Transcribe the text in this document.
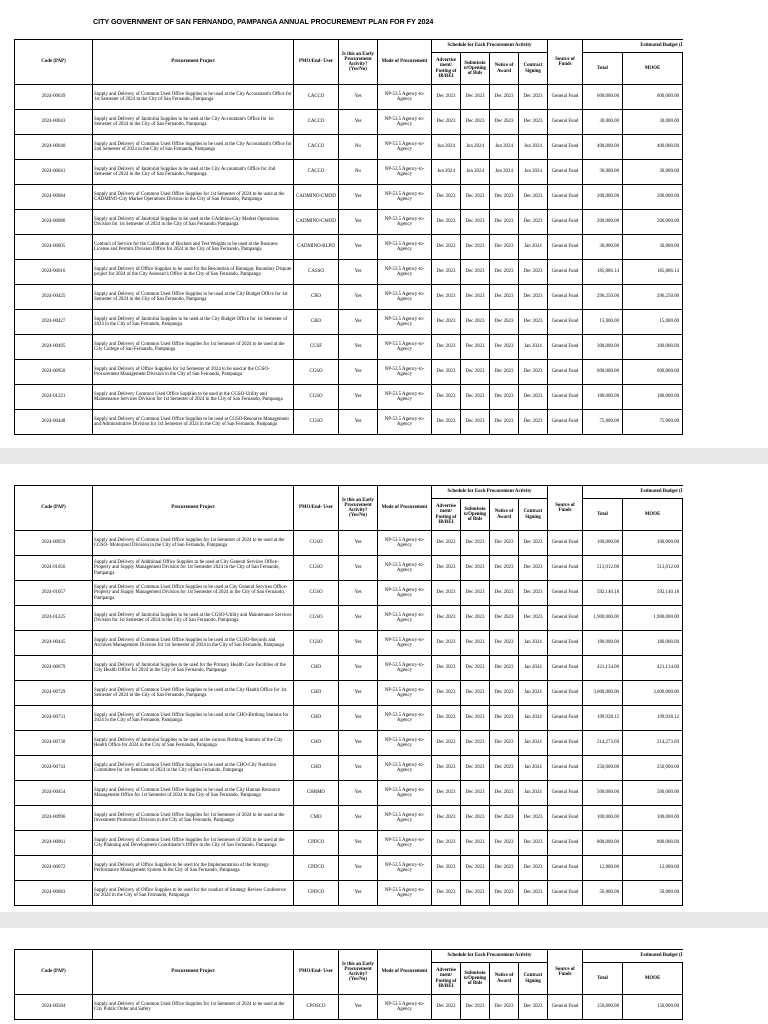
CITY GOVERNMENT OF SAN FERNANDO, PAMPANGA ANNUAL PROCUREMENT PLAN FOR FY 2024
Code (PAP)	Procurement Project	PMO/End- User	Is this an Early Procurement Activity? (Yes/No)	Mode of Procurement	Schedule for Each Procurement Activity				Source of Funds	Estimated Budget (I	
					Advertise ment/ Posting of IB/REI	Submissio n/Opening of Bids	Notice of Award	Contract Signing		Total	MOOE
2024-00039	Supply and Delivery of Common Used Office Supplies to be used at the City Accountant's Office for 1st Semester of 2024 in the City of San Fernando, Pampanga	CACCO	Yes	NP-53.5 Agency-to-Agency	Dec 2023	Dec 2023	Dec 2023	Dec 2023	General Fund	600,000.00	600,000.00
2024-00043	Supply and Delivery of Janitorial Supplies to be used at the City Accountant's Office for 1st Semester of 2024 in the City of San Fernando, Pampanga	CACCO	Yes	NP-53.5 Agency-to-Agency	Dec 2023	Dec 2023	Dec 2023	Dec 2023	General Fund	30,000.00	30,000.00
2024-00040	Supply and Delivery of Common Used Office Supplies to be used at the City Accountant's Office for 2nd Semester of 2024 in the City of San Fernando, Pampanga	CACCO	No	NP-53.5 Agency-to-Agency	Jun 2024	Jun 2024	Jun 2024	Jun 2024	General Fund	400,000.00	400,000.00
2024-00041	Supply and Delivery of Janitorial Supplies to be used at the City Accountant's Office for 2nd Semester of 2024 in the City of San Fernando, Pampanga	CACCO	No	NP-53.5 Agency-to-Agency	Jun 2024	Jun 2024	Jun 2024	Jun 2024	General Fund	30,000.00	30,000.00
2024-00084	Supply and Delivery of Common Used Office Supplies for 1st Semester of 2024 to be used at the CADMINO-City Market Operations Division in the City of San Fernando, Pampanga	CADMINO-CMOD	Yes	NP-53.5 Agency-to-Agency	Dec 2023	Dec 2023	Dec 2023	Dec 2023	General Fund	200,000.00	200,000.00
2024-00086	Supply and Delivery of Janitorial Supplies to be used at the CAdmino-City Market Operations Division for 1st Semester of 2024 in the City of San Fernando, Pampanga	CADMINO-CMOD	Yes	NP-53.5 Agency-to-Agency	Dec 2023	Dec 2023	Dec 2023	Dec 2023	General Fund	200,000.00	200,000.00
2024-00605	Contract of Service for the Calibration of Buckets and Test Weights to be used at the Business License and Permits Division Office for 2024 in the City of San Fernando, Pampanga	CADMINO-BLPD	Yes	NP-53.5 Agency-to-Agency	Dec 2023	Dec 2023	Dec 2023	Jan 2024	General Fund	30,000.00	30,000.00
2024-00016	Supply and Delivery of Office Supplies to be used for the Resolution of Barangay Boundary Dispute project for 2024 of the City Assessor's Office in the City of San Fernando, Pampanga	CASSO	Yes	NP-53.5 Agency-to-Agency	Dec 2023	Dec 2023	Dec 2023	Dec 2023	General Fund	185,886.14	185,886.14
2024-00425	Supply and Delivery of Common Used Office Supplies to be used at the City Budget Office for 1st Semester of 2024 in the City of San Fernando, Pampanga	CBO	Yes	NP-53.5 Agency-to-Agency	Dec 2023	Dec 2023	Dec 2023	Dec 2023	General Fund	296,250.00	296,250.00
2024-00427	Supply and Delivery of Janitorial Supplies to be used at the City Budget Office for 1st Semester of 2024 in the City of San Fernando, Pampanga	CBO	Yes	NP-53.5 Agency-to-Agency	Dec 2023	Dec 2023	Dec 2023	Dec 2023	General Fund	15,000.00	15,000.00
2024-00495	Supply and Delivery of Common Used Office Supplies for 1st Semester of 2024 to be used at the City College of San Fernando, Pampanga	CCSF	Yes	NP-53.5 Agency-to-Agency	Dec 2023	Dec 2023	Dec 2023	Jan 2024	General Fund	300,000.00	300,000.00
2024-00950	Supply and Delivery of Office Supplies for 1st Semester of 2024 to be used at the CGSO-Procurement Management Division in the City of San Fernando, Pampanga	CGSO	Yes	NP-53.5 Agency-to-Agency	Dec 2023	Dec 2023	Dec 2023	Dec 2023	General Fund	600,000.00	600,000.00
2024-01221	Supply and Delivery Common Used Office Supplies to be used at the CGSO-Utility and Maintenance Services Division for 1st Semester of 2024 in the City of San Fernando, Pampanga	CGSO	Yes	NP-53.5 Agency-to-Agency	Dec 2023	Dec 2023	Dec 2023	Dec 2023	General Fund	180,000.00	180,000.00
2024-00448	Supply and Delivery of Common Used Office Supplies to be used at CGSO-Resource Management and Administrative Division for 1st Semester of 2024 in the City of San Fernando, Pampanga	CGSO	Yes	NP-53.5 Agency-to-Agency	Dec 2023	Dec 2023	Dec 2023	Dec 2023	General Fund	75,000.00	75,000.00
Code (PAP)	Procurement Project	PMO/End- User	Is this an Early Procurement Activity? (Yes/No)	Mode of Procurement	Schedule for Each Procurement Activity				Source of Funds	Estimated Budget (I	
					Advertise ment/ Posting of IB/REI	Submissio n/Opening of Bids	Notice of Award	Contract Signing		Total	MOOE
2024-00959	Supply and Delivery of Common Used Office Supplies for 1st Semester of 2024 to be used at the CGSO- Motorpool Division in the City of San Fernando, Pampanga	CGSO	Yes	NP-53.5 Agency-to-Agency	Dec 2023	Dec 2023	Dec 2023	Dec 2023	General Fund	100,000.00	100,000.00
2024-01056	Supply and Delivery of Additional Office Supplies to be used at City General Services Office-Property and Supply Management Division for 1st Semester 2024 in the City of San Fernando, Pampanga	CGSO	Yes	NP-53.5 Agency-to-Agency	Dec 2023	Dec 2023	Dec 2023	Dec 2023	General Fund	513,012.00	513,012.00
2024-01057	Supply and Delivery of Common Used Office Supplies to be used at City General Services Office-Property and Supply Management Division for 1st Semester of 2024 in the City of San Fernando, Pampanga	CGSO	Yes	NP-53.5 Agency-to-Agency	Dec 2023	Dec 2023	Dec 2023	Dec 2023	General Fund	592,140.18	592,140.18
2024-01225	Supply and Delivery of Janitorial Supplies to be used at the CGSO-Utility and Maintenance Services Division for 1st Semester of 2024 in the City of San Fernando, Pampanga	CGSO	Yes	NP-53.5 Agency-to-Agency	Dec 2023	Dec 2023	Dec 2023	Dec 2023	General Fund	1,900,000.00	1,900,000.00
2024-00445	Supply and Delivery of Common Used Office Supplies to be used at the CGSO-Records and Archives Management Division for 1st Semester of 2024 in the City of San Fernando, Pampanga	CGSO	Yes	NP-53.5 Agency-to-Agency	Dec 2023	Dec 2023	Dec 2023	Jan 2024	General Fund	180,000.00	180,000.00
2024-00679	Supply and Delivery of Janitorial Supplies to be used for the Primary Health Care Facilities of the City Health Office for 2024 in the City of San Fernando, Pampanga	CHO	Yes	NP-53.5 Agency-to-Agency	Dec 2023	Dec 2023	Dec 2023	Jan 2024	General Fund	421,134.00	421,134.00
2024-00729	Supply and Delivery of Common Used Office Supplies to be used at the City Health Office for 1st Semester of 2024 in the City of San Fernando, Pampanga	CHO	Yes	NP-53.5 Agency-to-Agency	Dec 2023	Dec 2023	Dec 2023	Jan 2024	General Fund	3,000,000.00	3,000,000.00
2024-00731	Supply and Delivery of Common Used Office Supplies to be used at the CHO-Birthing Stations for 2024 in the City of San Fernando, Pampanga	CHO	Yes	NP-53.5 Agency-to-Agency	Dec 2023	Dec 2023	Dec 2023	Jan 2024	General Fund	199,928.12	199,928.12
2024-00730	Supply and Delivery of Janitorial Supplies to be used at the various Birthing Stations of the City Health Office for 2024 in the City of San Fernando, Pampanga	CHO	Yes	NP-53.5 Agency-to-Agency	Dec 2023	Dec 2023	Dec 2023	Jan 2024	General Fund	214,273.69	214,273.69
2024-00743	Supply and Delivery of Common Used Office Supplies to be used at the CHO-City Nutrition Committee for 1st Semester of 2024 in the City of San Fernando, Pampanga	CHO	Yes	NP-53.5 Agency-to-Agency	Dec 2023	Dec 2023	Dec 2023	Jan 2024	General Fund	250,000.00	250,000.00
2024-00454	Supply and Delivery of Common Used Office Supplies to be used at the City Human Resource Management Office for 1st Semester of 2024 in the City of San Fernando, Pampanga	CHRMO	Yes	NP-53.5 Agency-to-Agency	Dec 2023	Dec 2023	Dec 2023	Jan 2024	General Fund	500,000.00	500,000.00
2024-00996	Supply and Delivery of Common Used Office Supplies for 1st Semester of 2024 to be used at the Investment Promotion Division in the City of San Fernando, Pampanga	CMO	Yes	NP-53.5 Agency-to-Agency	Dec 2023	Dec 2023	Dec 2023	Dec 2023	General Fund	100,000.00	100,000.00
2024-00061	Supply and Delivery of Common Used Office Supplies for 1st Semester of 2024 to be used at the City Planning and Development Coordinator's Office in the City of San Fernando, Pampanga	CPDCO	Yes	NP-53.5 Agency-to-Agency	Dec 2023	Dec 2023	Dec 2023	Dec 2023	General Fund	800,000.00	800,000.00
2024-00072	Supply and Delivery of Office Supplies to be used for the Implementation of the Strategy Performance Management System in the City of San Fernando, Pampanga	CPDCO	Yes	NP-53.5 Agency-to-Agency	Dec 2023	Dec 2023	Dec 2023	Dec 2023	General Fund	12,000.00	12,000.00
2024-00083	Supply and Delivery of Office Supplies to be used for the conduct of Strategy Review Conference for 2024 in the City of San Fernando, Pampanga	CPDCO	Yes	NP-53.5 Agency-to-Agency	Dec 2023	Dec 2023	Dec 2023	Dec 2023	General Fund	50,000.00	50,000.00
Code (PAP)	Procurement Project	PMO/End- User	Is this an Early Procurement Activity? (Yes/No)	Mode of Procurement	Schedule for Each Procurement Activity				Source of Funds	Estimated Budget (I	
					Advertise ment/ Posting of IB/REI	Submissio n/Opening of Bids	Notice of Award	Contract Signing		Total	MOOE
2024-00584	Supply and Delivery of Common Used Office Supplies for 1st Semester of 2024 to be used at the City Public Order and Safety	CPOSCO	Yes	NP-53.5 Agency-to-Agency	Dec 2023	Dec 2023	Dec 2023	Dec 2023	General Fund	150,000.00	150,000.00
